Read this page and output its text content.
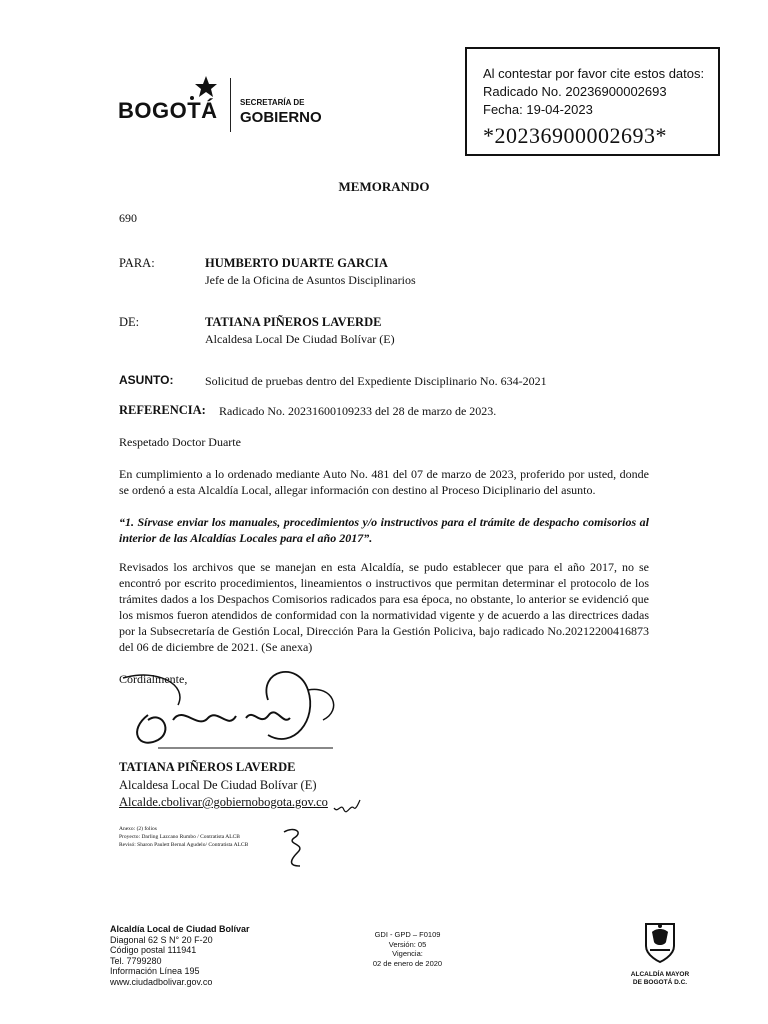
BOGOTÁ	SECRETARÍA DE
GOBIERNO
Al contestar por favor cite estos datos:
Radicado No. 20236900002693
Fecha: 19-04-2023
*20236900002693*
MEMORANDO
690
PARA:	HUMBERTO DUARTE GARCIA
Jefe de la Oficina de Asuntos Disciplinarios
DE:	TATIANA PIÑEROS LAVERDE
Alcaldesa Local De Ciudad Bolívar (E)
ASUNTO:	Solicitud de pruebas dentro del Expediente Disciplinario No. 634-2021
REFERENCIA: Radicado No. 20231600109233 del 28 de marzo de 2023.
Respetado Doctor Duarte
En cumplimiento a lo ordenado mediante Auto No. 481 del 07 de marzo de 2023, proferido por usted, donde se ordenó a esta Alcaldía Local, allegar información con destino al Proceso Diciplinario del asunto.
“1. Sírvase enviar los manuales, procedimientos y/o instructivos para el trámite de despacho comisorios al interior de las Alcaldías Locales para el año 2017”.
Revisados los archivos que se manejan en esta Alcaldía, se pudo establecer que para el año 2017, no se encontró por escrito procedimientos, lineamientos o instructivos que permitan determinar el protocolo de los trámites dados a los Despachos Comisorios radicados para esa época, no obstante, lo anterior se evidenció que los mismos fueron atendidos de conformidad con la normatividad vigente y de acuerdo a las directrices dadas por la Subsecretaría de Gestión Local, Dirección Para la Gestión Policiva, bajo radicado No.20212200416873 del 06 de diciembre de 2021. (Se anexa)
Cordialmente,
TATIANA PIÑEROS LAVERDE
Alcaldesa Local De Ciudad Bolívar (E)
Alcalde.cbolivar@gobiernobogota.gov.co
Anexo: (2) folios
Proyecto: Darling Lazcano Rumbo / Contratista ALCB
Revisó: Sharon Paulett Bernal Agudelo/ Contratista ALCB
Alcaldía Local de Ciudad Bolívar
Diagonal 62 S N° 20 F-20
Código postal 111941
Tel. 7799280
Información Línea 195
www.ciudadbolivar.gov.co
GDI - GPD – F0109
Versión: 05
Vigencia:
02 de enero de 2020
ALCALDÍA MAYOR
DE BOGOTÁ D.C.
